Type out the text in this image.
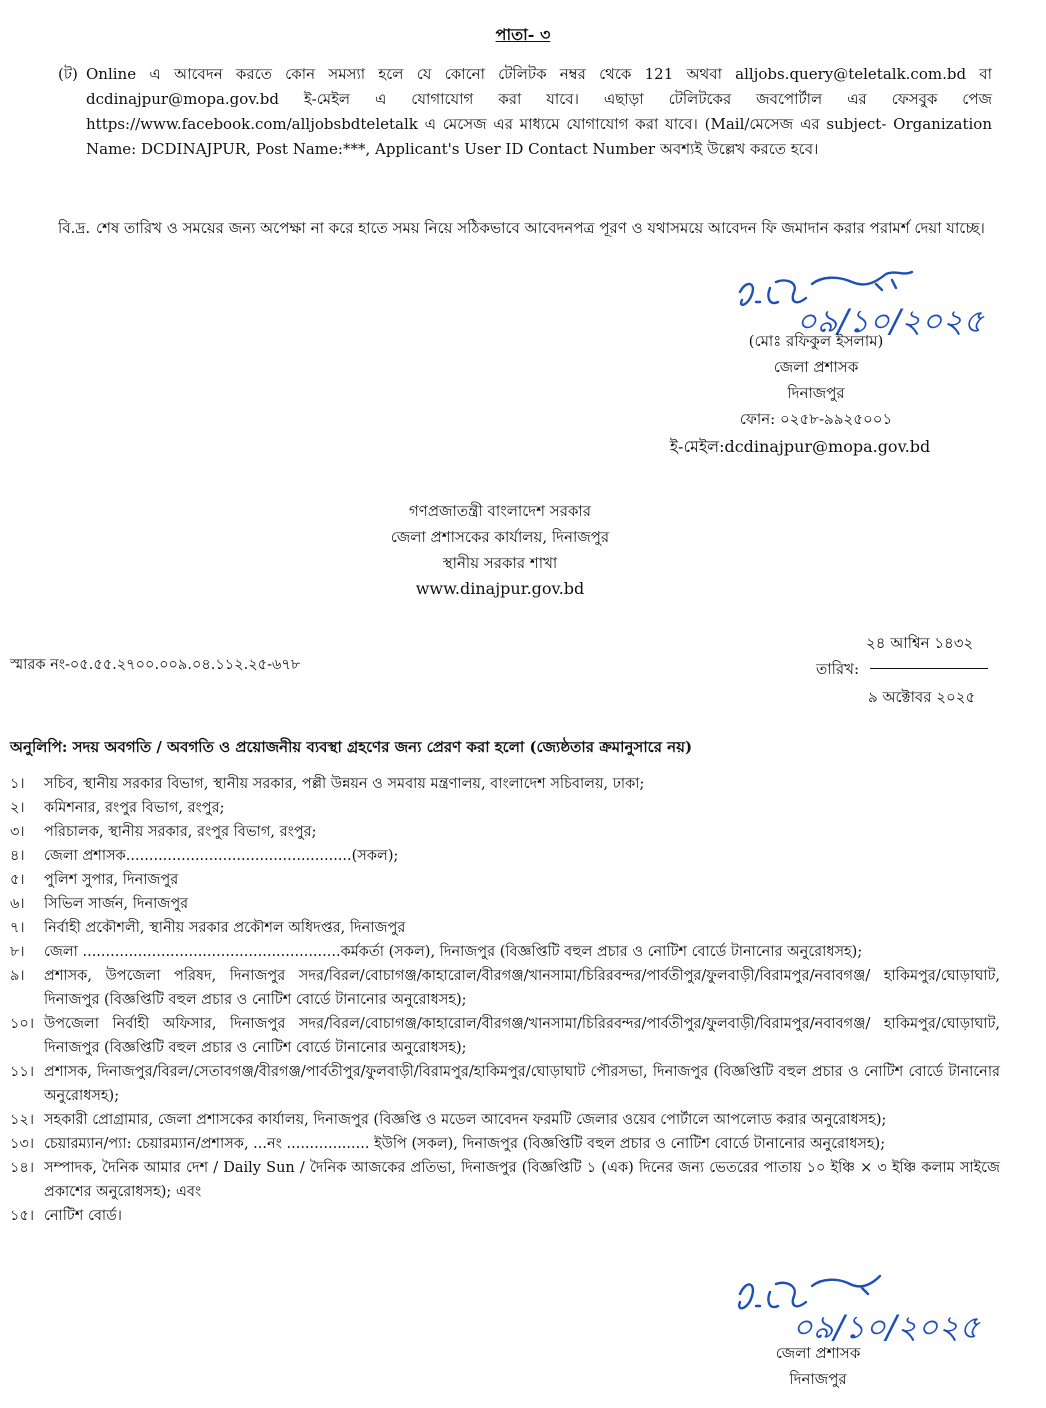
পাতা- ৩
(ট) Online এ আবেদন করতে কোন সমস্যা হলে যে কোনো টেলিটক নম্বর থেকে 121 অথবা alljobs.query@teletalk.com.bd বা dcdinajpur@mopa.gov.bd ই-মেইল এ যোগাযোগ করা যাবে। এছাড়া টেলিটকের জবপোর্টাল এর ফেসবুক পেজ https://www.facebook.com/alljobsbdteletalk এ মেসেজ এর মাধ্যমে যোগাযোগ করা যাবে। (Mail/মেসেজ এর subject- Organization Name: DCDINAJPUR, Post Name:***, Applicant's User ID Contact Number অবশ্যই উল্লেখ করতে হবে।
বি.দ্র. শেষ তারিখ ও সময়ের জন্য অপেক্ষা না করে হাতে সময় নিয়ে সঠিকভাবে আবেদনপত্র পূরণ ও যথাসময়ে আবেদন ফি জমাদান করার পরামর্শ দেয়া যাচ্ছে।
০৯/১০/২০২৫
(মোঃ রফিকুল ইসলাম)
জেলা প্রশাসক
দিনাজপুর
ফোন: ০২৫৮-৯৯২৫০০১
ই-মেইল:dcdinajpur@mopa.gov.bd
গণপ্রজাতন্ত্রী বাংলাদেশ সরকার
জেলা প্রশাসকের কার্যালয়, দিনাজপুর
স্থানীয় সরকার শাখা
www.dinajpur.gov.bd
স্মারক নং-০৫.৫৫.২৭০০.০০৯.০৪.১১২.২৫-৬৭৮
২৪ আশ্বিন ১৪৩২
তারিখ:
৯ অক্টোবর ২০২৫
অনুলিপি: সদয় অবগতি / অবগতি ও প্রয়োজনীয় ব্যবস্থা গ্রহণের জন্য প্রেরণ করা হলো (জ্যেষ্ঠতার ক্রমানুসারে নয়)
১।	সচিব, স্থানীয় সরকার বিভাগ, স্থানীয় সরকার, পল্লী উন্নয়ন ও সমবায় মন্ত্রণালয়, বাংলাদেশ সচিবালয়, ঢাকা;
২।	কমিশনার, রংপুর বিভাগ, রংপুর;
৩।	পরিচালক, স্থানীয় সরকার, রংপুর বিভাগ, রংপুর;
৪।	জেলা প্রশাসক.................................................(সকল);
৫।	পুলিশ সুপার, দিনাজপুর
৬।	সিভিল সার্জন, দিনাজপুর
৭।	নির্বাহী প্রকৌশলী, স্থানীয় সরকার প্রকৌশল অধিদপ্তর, দিনাজপুর
৮।	জেলা ........................................................কর্মকর্তা (সকল), দিনাজপুর (বিজ্ঞপ্তিটি বহুল প্রচার ও নোটিশ বোর্ডে টানানোর অনুরোধসহ);
৯।	প্রশাসক, উপজেলা পরিষদ, দিনাজপুর সদর/বিরল/বোচাগঞ্জ/কাহারোল/বীরগঞ্জ/খানসামা/চিরিরবন্দর/পার্বতীপুর/ফুলবাড়ী/বিরামপুর/নবাবগঞ্জ/ হাকিমপুর/ঘোড়াঘাট, দিনাজপুর (বিজ্ঞপ্তিটি বহুল প্রচার ও নোটিশ বোর্ডে টানানোর অনুরোধসহ);
১০। উপজেলা নির্বাহী অফিসার, দিনাজপুর সদর/বিরল/বোচাগঞ্জ/কাহারোল/বীরগঞ্জ/খানসামা/চিরিরবন্দর/পার্বতীপুর/ফুলবাড়ী/বিরামপুর/নবাবগঞ্জ/ হাকিমপুর/ঘোড়াঘাট, দিনাজপুর (বিজ্ঞপ্তিটি বহুল প্রচার ও নোটিশ বোর্ডে টানানোর অনুরোধসহ);
১১। প্রশাসক, দিনাজপুর/বিরল/সেতাবগঞ্জ/বীরগঞ্জ/পার্বতীপুর/ফুলবাড়ী/বিরামপুর/হাকিমপুর/ঘোড়াঘাট পৌরসভা, দিনাজপুর (বিজ্ঞপ্তিটি বহুল প্রচার ও নোটিশ বোর্ডে টানানোর অনুরোধসহ);
১২। সহকারী প্রোগ্রামার, জেলা প্রশাসকের কার্যালয়, দিনাজপুর (বিজ্ঞপ্তি ও মডেল আবেদন ফরমটি জেলার ওয়েব পোর্টালে আপলোড করার অনুরোধসহ);
১৩। চেয়ারম্যান/প্যা: চেয়ারম্যান/প্রশাসক, ...নং .................. ইউপি (সকল), দিনাজপুর (বিজ্ঞপ্তিটি বহুল প্রচার ও নোটিশ বোর্ডে টানানোর অনুরোধসহ);
১৪। সম্পাদক, দৈনিক আমার দেশ / Daily Sun / দৈনিক আজকের প্রতিভা, দিনাজপুর (বিজ্ঞপ্তিটি ১ (এক) দিনের জন্য ভেতরের পাতায় ১০ ইঞ্চি × ৩ ইঞ্চি কলাম সাইজে প্রকাশের অনুরোধসহ); এবং
১৫। নোটিশ বোর্ড।
০৯/১০/২০২৫
জেলা প্রশাসক
দিনাজপুর
